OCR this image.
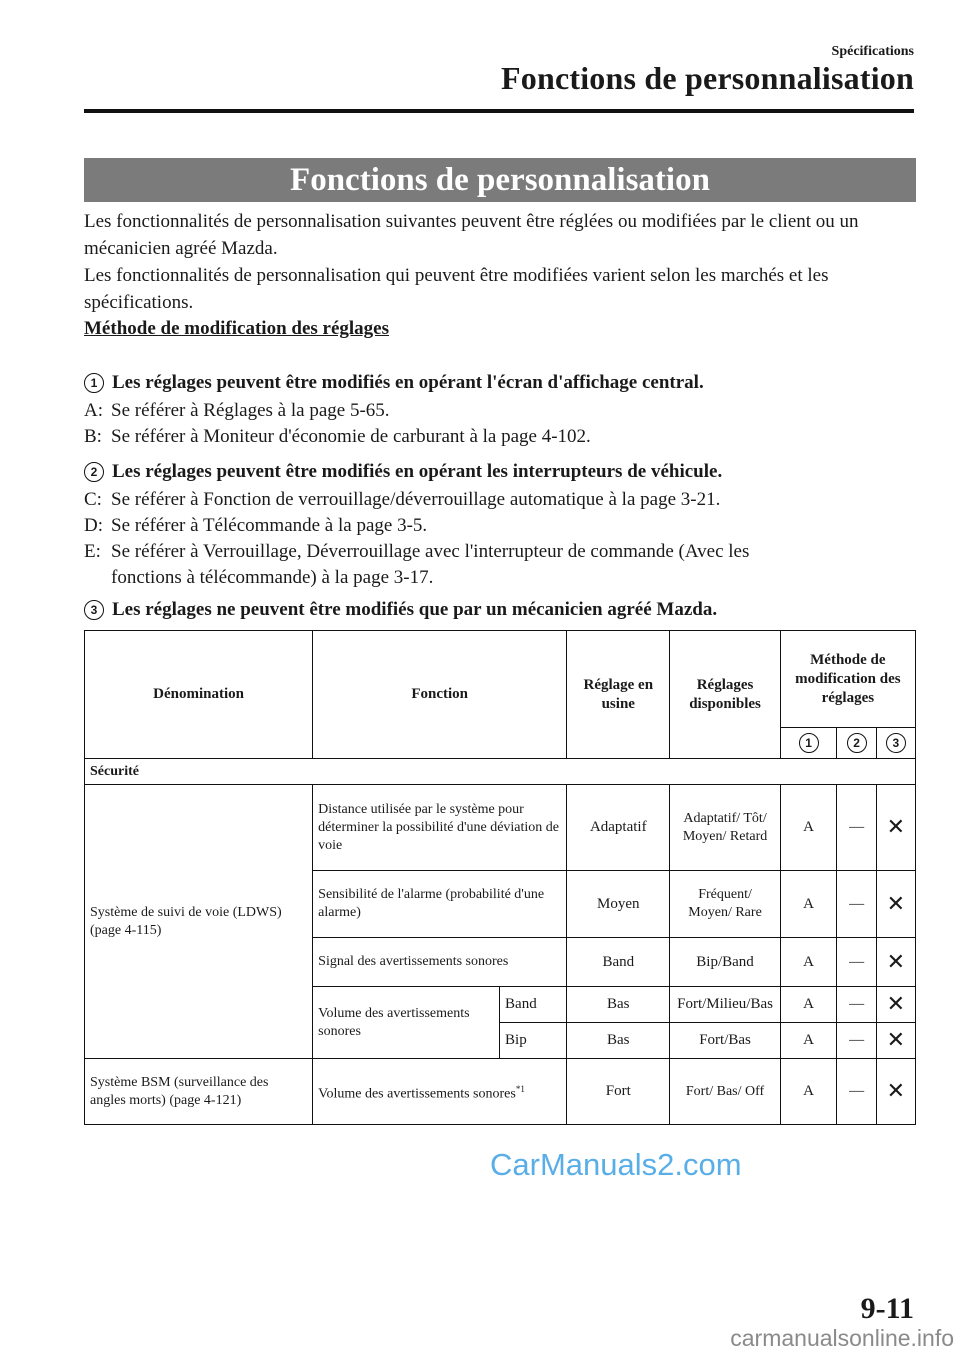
Spécifications
Fonctions de personnalisation
Fonctions de personnalisation

Les fonctionnalités de personnalisation suivantes peuvent être réglées ou modifiées par le client ou un mécanicien agréé Mazda.

Les fonctionnalités de personnalisation qui peuvent être modifiées varient selon les marchés et les spécifications.

Méthode de modification des réglages
1 Les réglages peuvent être modifiés en opérant l'écran d'affichage central.
A: Se référer à Réglages à la page 5-65.
B: Se référer à Moniteur d'économie de carburant à la page 4-102.
2 Les réglages peuvent être modifiés en opérant les interrupteurs de véhicule.
C: Se référer à Fonction de verrouillage/déverrouillage automatique à la page 3-21.
D: Se référer à Télécommande à la page 3-5.
E: Se référer à Verrouillage, Déverrouillage avec l'interrupteur de commande (Avec les
fonctions à télécommande) à la page 3-17.
3 Les réglages ne peuvent être modifiés que par un mécanicien agréé Mazda.
Dénomination	Fonction		Réglage en usine	Réglages disponibles	Méthode de modification des réglages		
					1	2	3
Sécurité							
Système de suivi de voie (LDWS) (page 4-115)	Distance utilisée par le système pour déterminer la possibilité d'une déviation de voie		Adaptatif	Adaptatif/ Tôt/ Moyen/ Retard	A	—	✕
	Sensibilité de l'alarme (probabilité d'une alarme)		Moyen	Fréquent/ Moyen/ Rare	A	—	✕
	Signal des avertissements sonores		Band	Bip/Band	A	—	✕
	Volume des avertissements sonores	Band	Bas	Fort/Milieu/Bas	A	—	✕
		Bip	Bas	Fort/Bas	A	—	✕
Système BSM (surveillance des angles morts) (page 4-121)	Volume des avertissements sonores$^{*1}$		Fort	Fort/ Bas/ Off	A	—	✕
CarManuals2.com
9-11
carmanualsonline.info
